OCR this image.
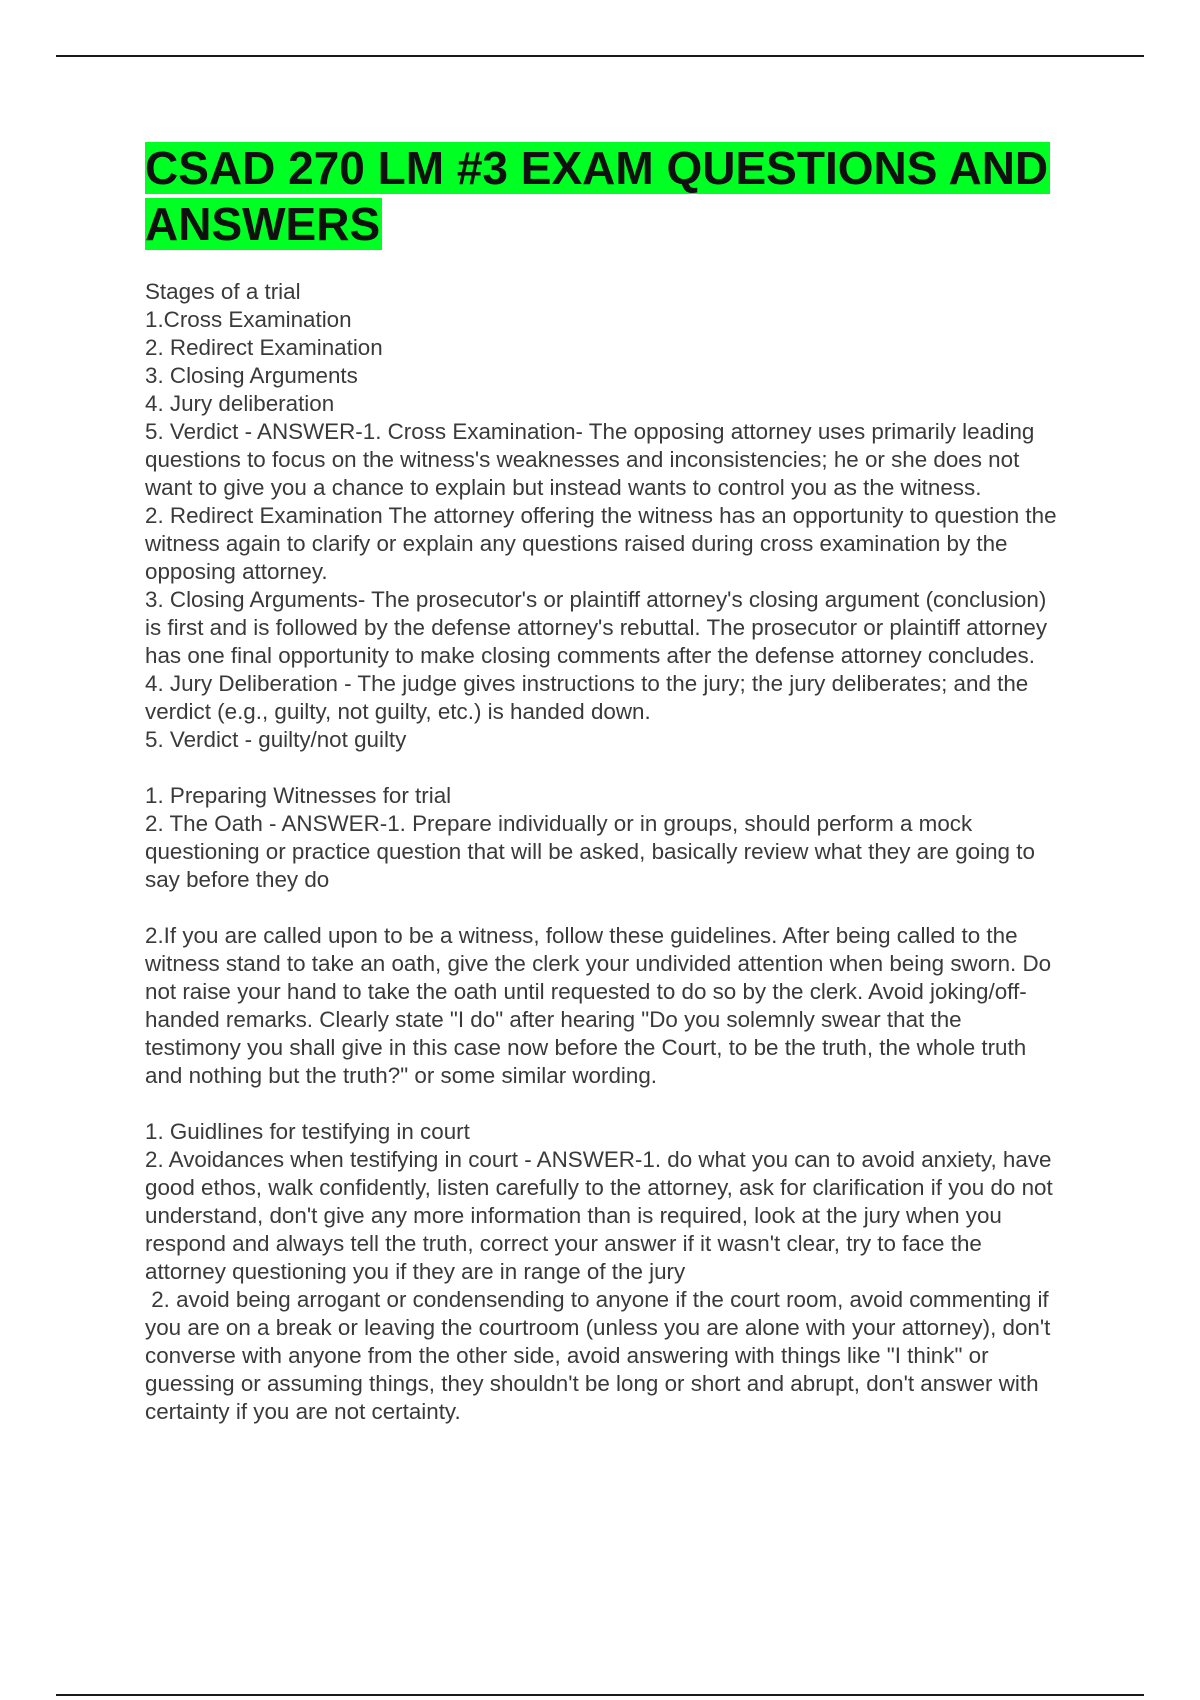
CSAD 270 LM #3 EXAM QUESTIONS AND ANSWERS
Stages of a trial
1.Cross Examination
2. Redirect Examination
3. Closing Arguments
4. Jury deliberation
5. Verdict - ANSWER-1. Cross Examination- The opposing attorney uses primarily leading questions to focus on the witness's weaknesses and inconsistencies; he or she does not want to give you a chance to explain but instead wants to control you as the witness.
2. Redirect Examination The attorney offering the witness has an opportunity to question the witness again to clarify or explain any questions raised during cross examination by the opposing attorney.
3. Closing Arguments- The prosecutor's or plaintiff attorney's closing argument (conclusion) is first and is followed by the defense attorney's rebuttal. The prosecutor or plaintiff attorney has one final opportunity to make closing comments after the defense attorney concludes.
4. Jury Deliberation - The judge gives instructions to the jury; the jury deliberates; and the verdict (e.g., guilty, not guilty, etc.) is handed down.
5. Verdict - guilty/not guilty
1. Preparing Witnesses for trial
2. The Oath - ANSWER-1. Prepare individually or in groups, should perform a mock questioning or practice question that will be asked, basically review what they are going to say before they do
2.If you are called upon to be a witness, follow these guidelines. After being called to the witness stand to take an oath, give the clerk your undivided attention when being sworn. Do not raise your hand to take the oath until requested to do so by the clerk. Avoid joking/off-handed remarks. Clearly state "I do" after hearing "Do you solemnly swear that the testimony you shall give in this case now before the Court, to be the truth, the whole truth and nothing but the truth?" or some similar wording.
1. Guidlines for testifying in court
2. Avoidances when testifying in court - ANSWER-1. do what you can to avoid anxiety, have good ethos, walk confidently, listen carefully to the attorney, ask for clarification if you do not understand, don't give any more information than is required, look at the jury when you respond and always tell the truth, correct your answer if it wasn't clear, try to face the attorney questioning you if they are in range of the jury
2. avoid being arrogant or condensending to anyone if the court room, avoid commenting if you are on a break or leaving the courtroom (unless you are alone with your attorney), don't converse with anyone from the other side, avoid answering with things like "I think" or guessing or assuming things, they shouldn't be long or short and abrupt, don't answer with certainty if you are not certainty.
